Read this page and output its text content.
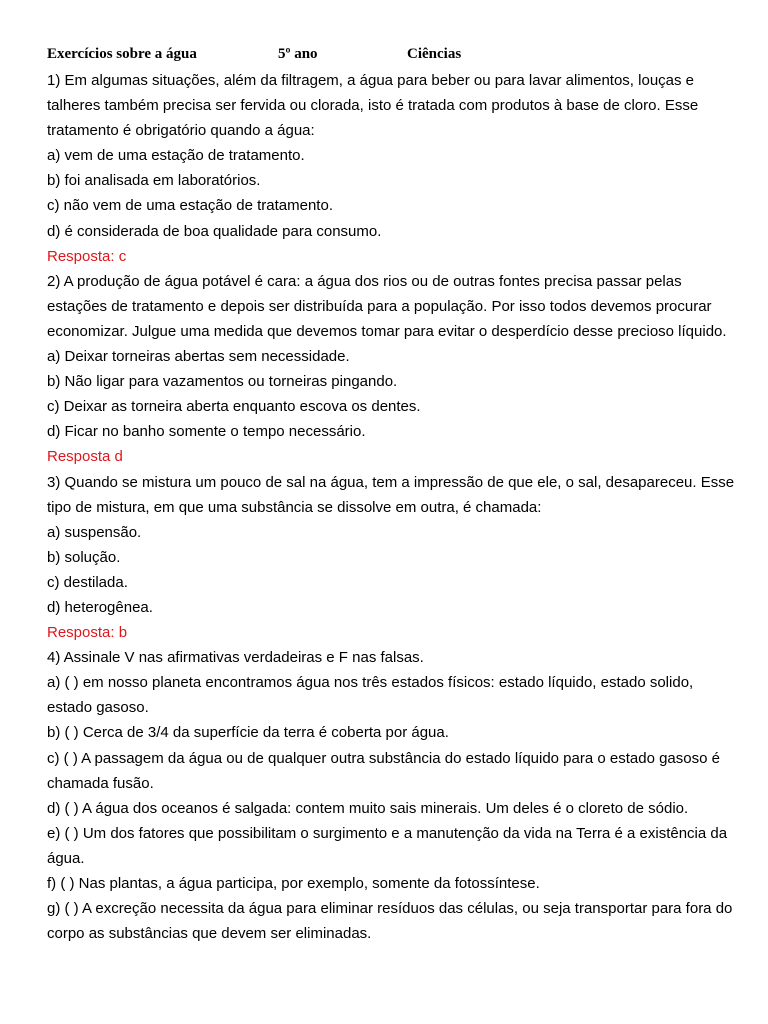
Exercícios sobre a água	5º ano	Ciências

1) Em algumas situações, além da filtragem, a água para beber ou para lavar alimentos, louças e talheres também precisa ser fervida ou clorada, isto é tratada com produtos à base de cloro. Esse tratamento é obrigatório quando a água:

a) vem de uma estação de tratamento.

b) foi analisada em laboratórios.

c) não vem de uma estação de tratamento.

d) é considerada de boa qualidade para consumo.

Resposta: c

2) A produção de água potável é cara: a água dos rios ou de outras fontes precisa passar pelas estações de tratamento e depois ser distribuída para a população. Por isso todos devemos procurar economizar. Julgue uma medida que devemos tomar para evitar o desperdício desse precioso líquido.

a) Deixar torneiras abertas sem necessidade.

b) Não ligar para vazamentos ou torneiras pingando.

c) Deixar as torneira aberta enquanto escova os dentes.

d) Ficar no banho somente o tempo necessário.

Resposta d

3) Quando se mistura um pouco de sal na água, tem a impressão de que ele, o sal, desapareceu. Esse tipo de mistura, em que uma substância se dissolve em outra, é chamada:

a) suspensão.

b) solução.

c) destilada.

d) heterogênea.

Resposta: b

4) Assinale V nas afirmativas verdadeiras e F nas falsas.

a) ( ) em nosso planeta encontramos água nos três estados físicos: estado líquido, estado solido, estado gasoso.

b) ( ) Cerca de 3/4 da superfície da terra é coberta por água.

c) ( ) A passagem da água ou de qualquer outra substância do estado líquido para o estado gasoso é chamada fusão.

d) ( ) A água dos oceanos é salgada: contem muito sais minerais. Um deles é o cloreto de sódio.

e) ( ) Um dos fatores que possibilitam o surgimento e a manutenção da vida na Terra é a existência da água.

f) ( ) Nas plantas, a água participa, por exemplo, somente da fotossíntese.

g) ( ) A excreção necessita da água para eliminar resíduos das células, ou seja transportar para fora do corpo as substâncias que devem ser eliminadas.
